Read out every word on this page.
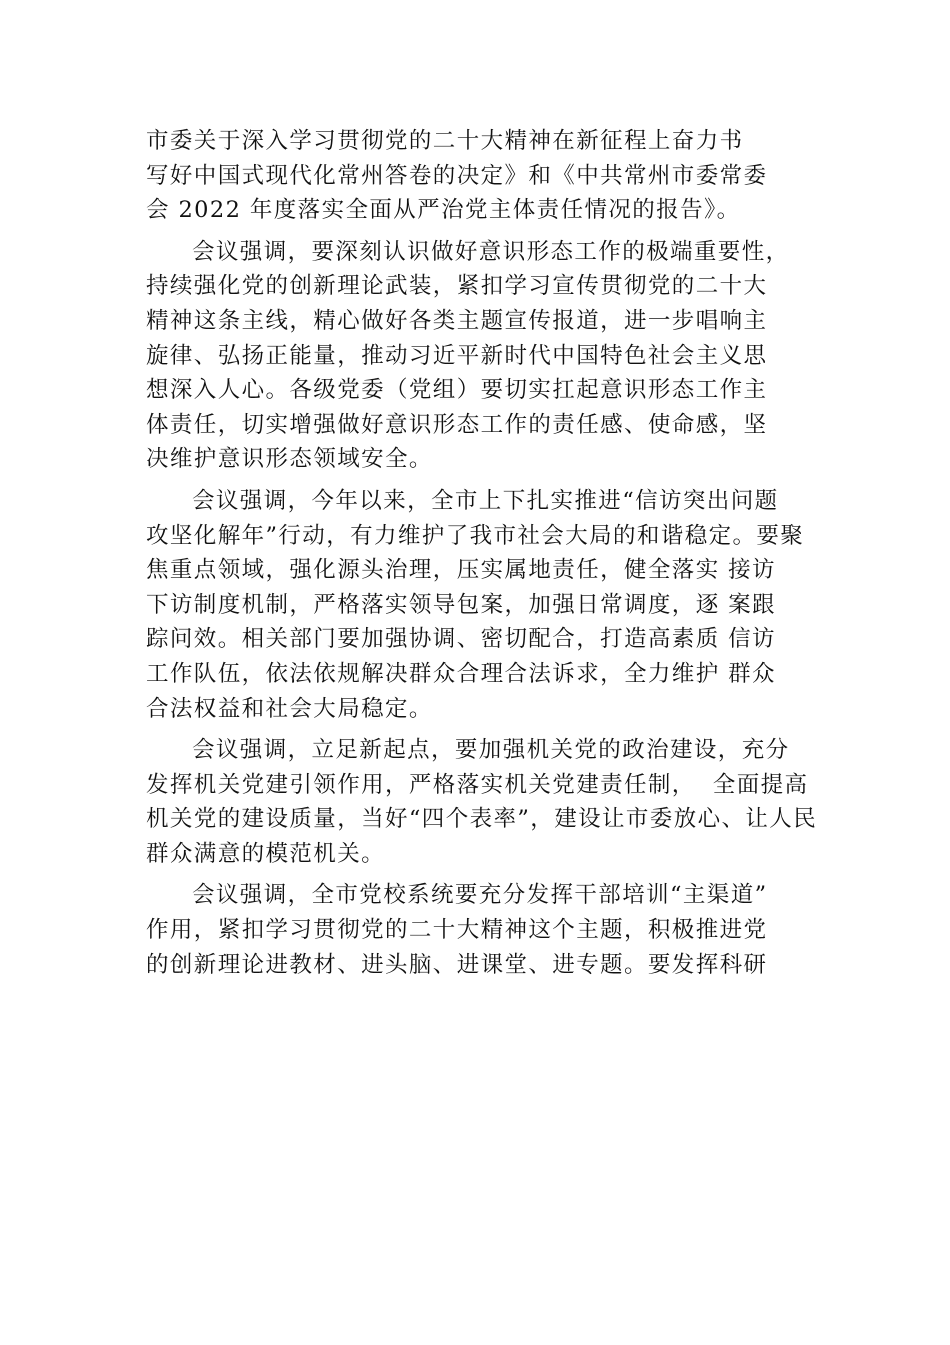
市委关于深入学习贯彻党的二十大精神在新征程上奋力书
写好中国式现代化常州答卷的决定》和《中共常州市委常委
会 2022 年度落实全面从严治党主体责任情况的报告》。
会议强调，要深刻认识做好意识形态工作的极端重要性，
持续强化党的创新理论武装，紧扣学习宣传贯彻党的二十大
精神这条主线，精心做好各类主题宣传报道，进一步唱响主
旋律、弘扬正能量，推动习近平新时代中国特色社会主义思
想深入人心。各级党委（党组）要切实扛起意识形态工作主
体责任，切实增强做好意识形态工作的责任感、使命感，坚
决维护意识形态领域安全。
会议强调，今年以来，全市上下扎实推进“信访突出问题
攻坚化解年”行动，有力维护了我市社会大局的和谐稳定。要聚
焦重点领域，强化源头治理，压实属地责任，健全落实 接访
下访制度机制，严格落实领导包案，加强日常调度，逐 案跟
踪问效。相关部门要加强协调、密切配合，打造高素质 信访
工作队伍，依法依规解决群众合理合法诉求，全力维护 群众
合法权益和社会大局稳定。
会议强调，立足新起点，要加强机关党的政治建设，充分
发挥机关党建引领作用，严格落实机关党建责任制，  全面提高
机关党的建设质量，当好“四个表率”，建设让市委放心、让人民
群众满意的模范机关。
会议强调，全市党校系统要充分发挥干部培训“主渠道”
作用，紧扣学习贯彻党的二十大精神这个主题，积极推进党
的创新理论进教材、进头脑、进课堂、进专题。要发挥科研
